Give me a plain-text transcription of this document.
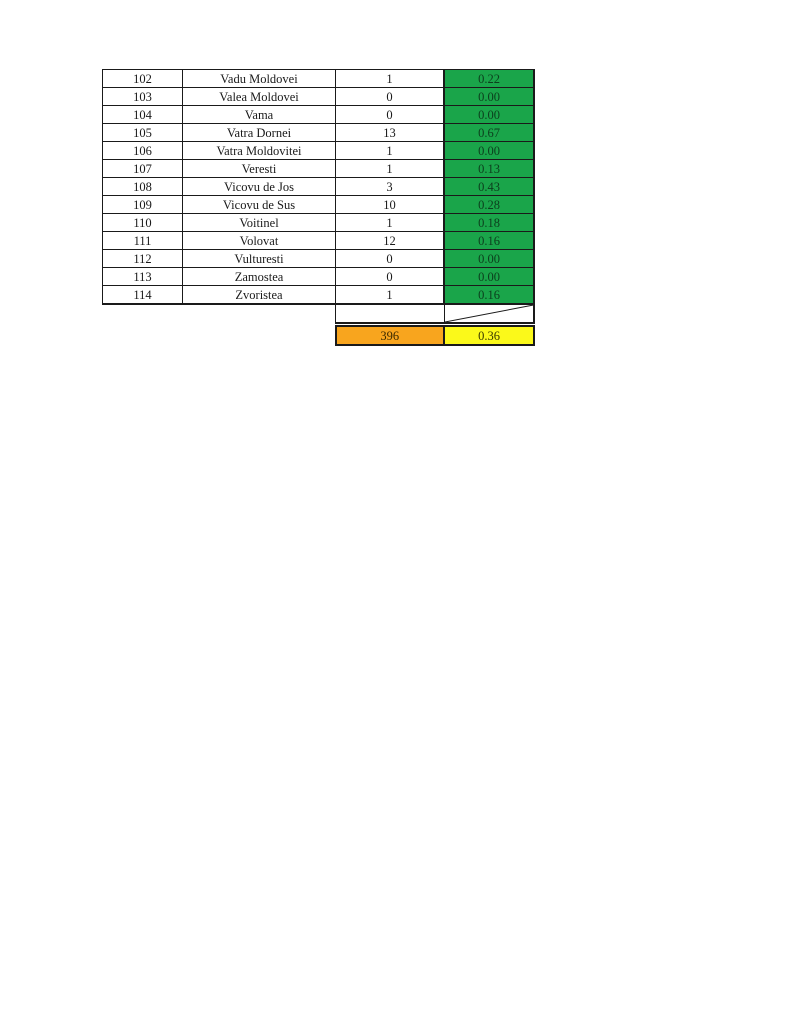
102	Vadu Moldovei	1	0.22
103	Valea Moldovei	0	0.00
104	Vama	0	0.00
105	Vatra Dornei	13	0.67
106	Vatra Moldovitei	1	0.00
107	Veresti	1	0.13
108	Vicovu de Jos	3	0.43
109	Vicovu de Sus	10	0.28
110	Voitinel	1	0.18
111	Volovat	12	0.16
112	Vulturesti	0	0.00
113	Zamostea	0	0.00
114	Zvoristea	1	0.16

		396	0.36
